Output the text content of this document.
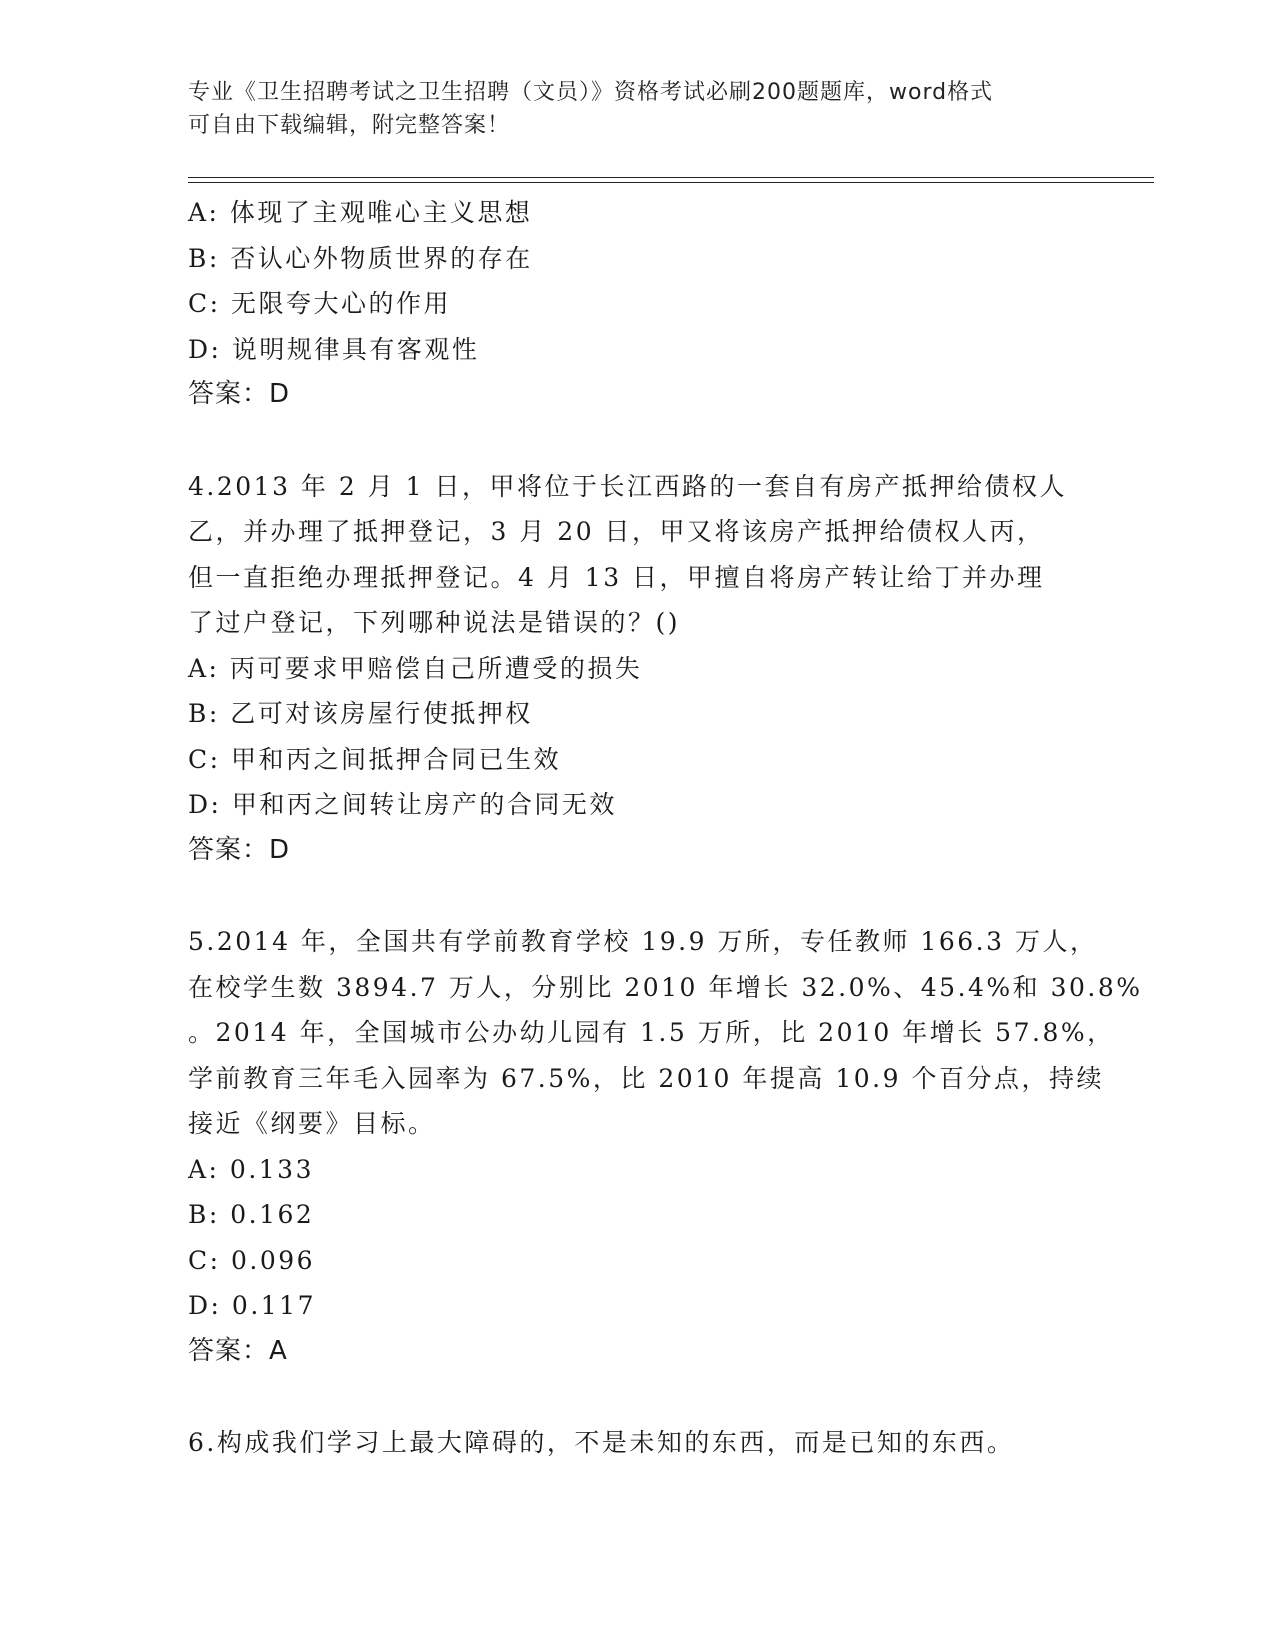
专业《卫生招聘考试之卫生招聘（文员）》资格考试必刷200题题库，word格式
可自由下载编辑，附完整答案！
A: 体现了主观唯心主义思想
B: 否认心外物质世界的存在
C: 无限夸大心的作用
D: 说明规律具有客观性
答案：D
4.2013 年 2 月 1 日，甲将位于长江西路的一套自有房产抵押给债权人
乙，并办理了抵押登记，3 月 20 日，甲又将该房产抵押给债权人丙，
但一直拒绝办理抵押登记。4 月 13 日，甲擅自将房产转让给丁并办理
了过户登记，下列哪种说法是错误的？()
A: 丙可要求甲赔偿自己所遭受的损失
B: 乙可对该房屋行使抵押权
C: 甲和丙之间抵押合同已生效
D: 甲和丙之间转让房产的合同无效
答案：D
5.2014 年，全国共有学前教育学校 19.9 万所，专任教师 166.3 万人，
在校学生数 3894.7 万人，分别比 2010 年增长 32.0%、45.4%和 30.8%
。2014 年，全国城市公办幼儿园有 1.5 万所，比 2010 年增长 57.8%，
学前教育三年毛入园率为 67.5%，比 2010 年提高 10.9 个百分点，持续
接近《纲要》目标。
A: 0.133
B: 0.162
C: 0.096
D: 0.117
答案：A
6.构成我们学习上最大障碍的，不是未知的东西，而是已知的东西。
